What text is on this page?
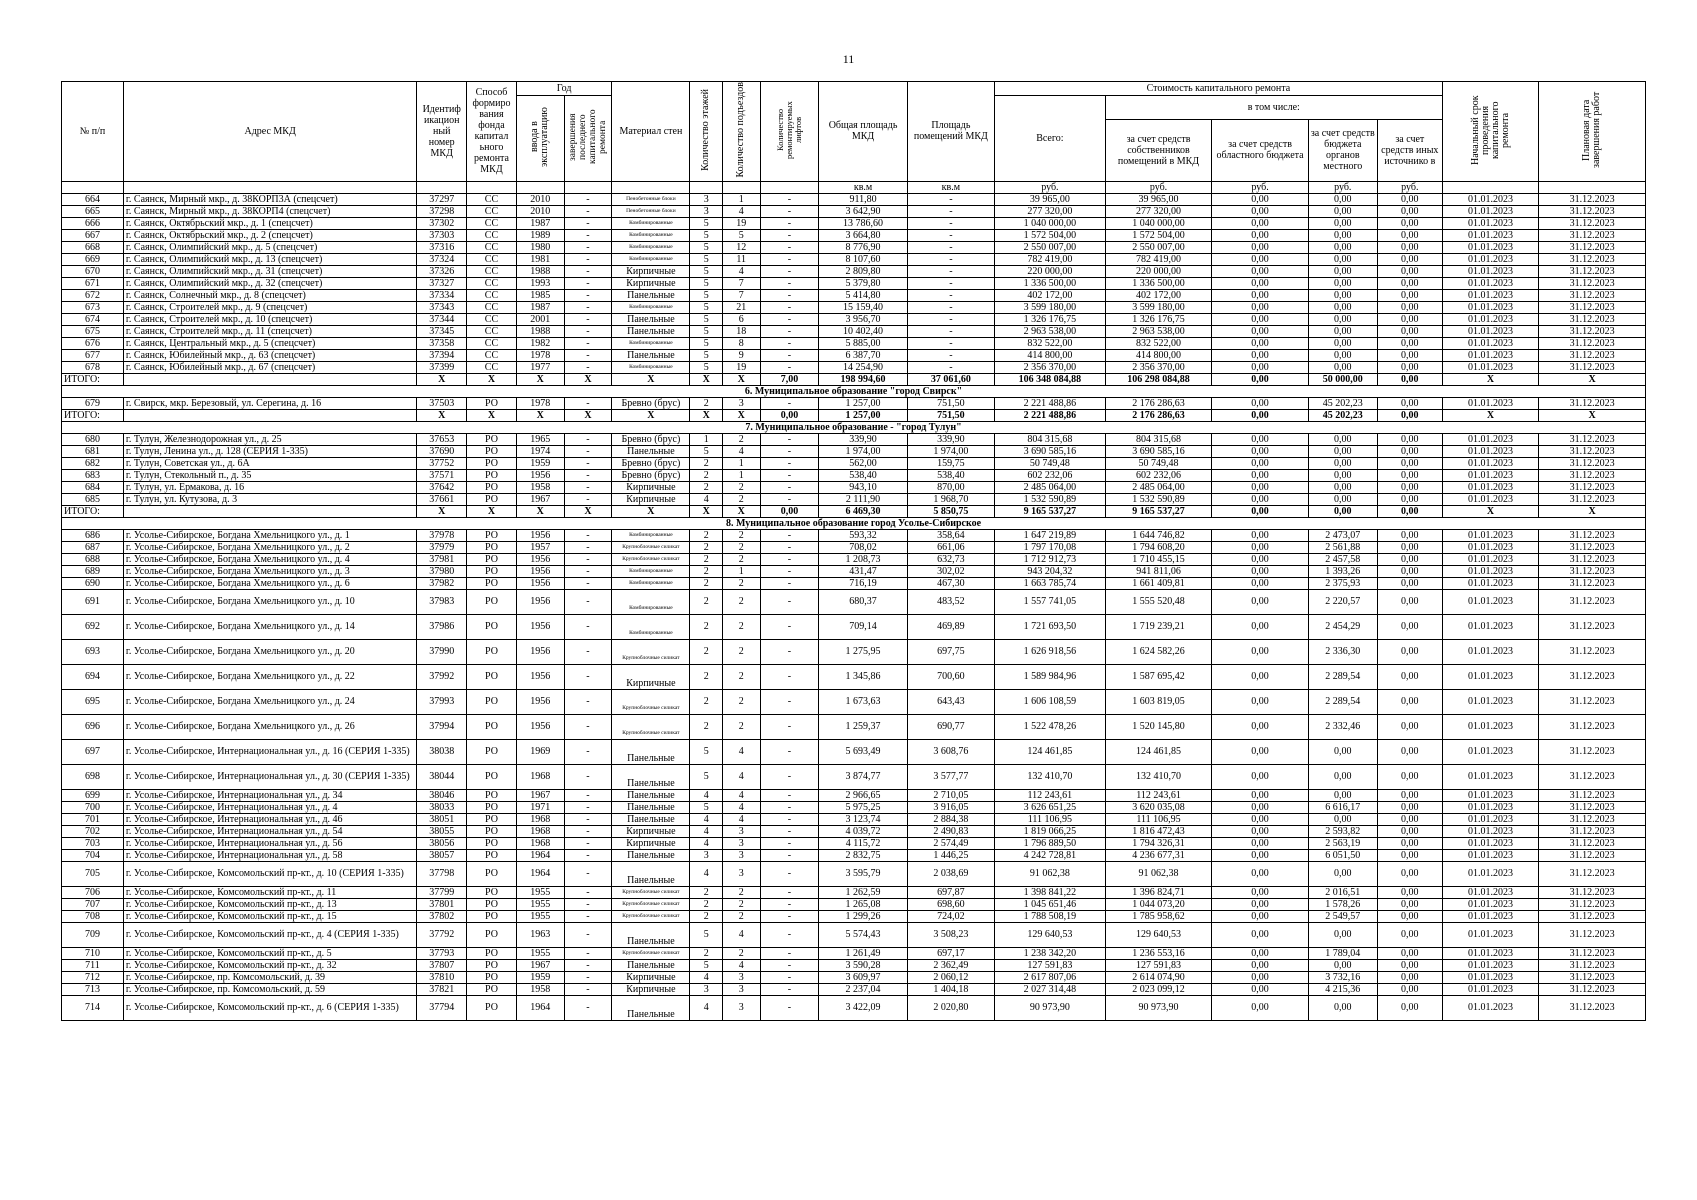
11
№ п/п	Адрес МКД	Идентиф икацион ный номер МКД	Способ формиро вания фонда капитал ьного ремонта МКД	Год		Материал стен	Количество этажей	Количество подъездов	Количество ремонтируемых лифтов	Общая площадь МКД	Площадь помещений МКД	Стоимость капитального ремонта					Начальный срок проведения капитального ремонта	Плановая дата завершения работ
				ввода в эксплуатацию	завершения последнего капитального ремонта							Всего:	в том числе:					
													за счет средств собственников помещений в МКД	за счет средств областного бюджета	за счет средств бюджета органов местного	за счет средств иных источнико в		
										кв.м	кв.м	руб.	руб.	руб.	руб.	руб.		
664	г. Саянск, Мирный мкр., д. 38КОРП3А (спецсчет)	37297	СС	2010	-	Пенобетонные блоки	3	1	-	911,80	-	39 965,00	39 965,00	0,00	0,00	0,00	01.01.2023	31.12.2023
665	г. Саянск, Мирный мкр., д. 38КОРП4 (спецсчет)	37298	СС	2010	-	Пенобетонные блоки	3	4	-	3 642,90	-	277 320,00	277 320,00	0,00	0,00	0,00	01.01.2023	31.12.2023
666	г. Саянск, Октябрьский мкр., д. 1 (спецсчет)	37302	СС	1987	-	Комбинированные	5	19	-	13 786,60	-	1 040 000,00	1 040 000,00	0,00	0,00	0,00	01.01.2023	31.12.2023
667	г. Саянск, Октябрьский мкр., д. 2 (спецсчет)	37303	СС	1989	-	Комбинированные	5	5	-	3 664,80	-	1 572 504,00	1 572 504,00	0,00	0,00	0,00	01.01.2023	31.12.2023
668	г. Саянск, Олимпийский мкр., д. 5 (спецсчет)	37316	СС	1980	-	Комбинированные	5	12	-	8 776,90	-	2 550 007,00	2 550 007,00	0,00	0,00	0,00	01.01.2023	31.12.2023
669	г. Саянск, Олимпийский мкр., д. 13 (спецсчет)	37324	СС	1981	-	Комбинированные	5	11	-	8 107,60	-	782 419,00	782 419,00	0,00	0,00	0,00	01.01.2023	31.12.2023
670	г. Саянск, Олимпийский мкр., д. 31 (спецсчет)	37326	СС	1988	-	Кирпичные	5	4	-	2 809,80	-	220 000,00	220 000,00	0,00	0,00	0,00	01.01.2023	31.12.2023
671	г. Саянск, Олимпийский мкр., д. 32 (спецсчет)	37327	СС	1993	-	Кирпичные	5	7	-	5 379,80	-	1 336 500,00	1 336 500,00	0,00	0,00	0,00	01.01.2023	31.12.2023
672	г. Саянск, Солнечный мкр., д. 8 (спецсчет)	37334	СС	1985	-	Панельные	5	7	-	5 414,80	-	402 172,00	402 172,00	0,00	0,00	0,00	01.01.2023	31.12.2023
673	г. Саянск, Строителей мкр., д. 9 (спецсчет)	37343	СС	1987	-	Комбинированные	5	21	-	15 159,40	-	3 599 180,00	3 599 180,00	0,00	0,00	0,00	01.01.2023	31.12.2023
674	г. Саянск, Строителей мкр., д. 10 (спецсчет)	37344	СС	2001	-	Панельные	5	6	-	3 956,70	-	1 326 176,75	1 326 176,75	0,00	0,00	0,00	01.01.2023	31.12.2023
675	г. Саянск, Строителей мкр., д. 11 (спецсчет)	37345	СС	1988	-	Панельные	5	18	-	10 402,40	-	2 963 538,00	2 963 538,00	0,00	0,00	0,00	01.01.2023	31.12.2023
676	г. Саянск, Центральный мкр., д. 5 (спецсчет)	37358	СС	1982	-	Комбинированные	5	8	-	5 885,00	-	832 522,00	832 522,00	0,00	0,00	0,00	01.01.2023	31.12.2023
677	г. Саянск, Юбилейный мкр., д. 63 (спецсчет)	37394	СС	1978	-	Панельные	5	9	-	6 387,70	-	414 800,00	414 800,00	0,00	0,00	0,00	01.01.2023	31.12.2023
678	г. Саянск, Юбилейный мкр., д. 67 (спецсчет)	37399	СС	1977	-	Комбинированные	5	19	-	14 254,90	-	2 356 370,00	2 356 370,00	0,00	0,00	0,00	01.01.2023	31.12.2023
ИТОГО:		X	X	X	X	X	X	X	7,00	198 994,60	37 061,60	106 348 084,88	106 298 084,88	0,00	50 000,00	0,00	X	X
6. Муниципальное образование "город Свирск"																		
679	г. Свирск, мкр. Березовый, ул. Серегина, д. 16	37503	РО	1978	-	Бревно (брус)	2	3	-	1 257,00	751,50	2 221 488,86	2 176 286,63	0,00	45 202,23	0,00	01.01.2023	31.12.2023
ИТОГО:		X	X	X	X	X	X	X	0,00	1 257,00	751,50	2 221 488,86	2 176 286,63	0,00	45 202,23	0,00	X	X
7. Муниципальное образование - "город Тулун"																		
680	г. Тулун, Железнодорожная ул., д. 25	37653	РО	1965	-	Бревно (брус)	1	2	-	339,90	339,90	804 315,68	804 315,68	0,00	0,00	0,00	01.01.2023	31.12.2023
681	г. Тулун, Ленина ул., д. 128 (СЕРИЯ 1-335)	37690	РО	1974	-	Панельные	5	4	-	1 974,00	1 974,00	3 690 585,16	3 690 585,16	0,00	0,00	0,00	01.01.2023	31.12.2023
682	г. Тулун, Советская ул., д. 6А	37752	РО	1959	-	Бревно (брус)	2	1	-	562,00	159,75	50 749,48	50 749,48	0,00	0,00	0,00	01.01.2023	31.12.2023
683	г. Тулун, Стекольный п., д. 35	37571	РО	1956	-	Бревно (брус)	2	1	-	538,40	538,40	602 232,06	602 232,06	0,00	0,00	0,00	01.01.2023	31.12.2023
684	г. Тулун, ул. Ермакова, д. 16	37642	РО	1958	-	Кирпичные	2	2	-	943,10	870,00	2 485 064,00	2 485 064,00	0,00	0,00	0,00	01.01.2023	31.12.2023
685	г. Тулун, ул. Кутузова, д. 3	37661	РО	1967	-	Кирпичные	4	2	-	2 111,90	1 968,70	1 532 590,89	1 532 590,89	0,00	0,00	0,00	01.01.2023	31.12.2023
ИТОГО:		X	X	X	X	X	X	X	0,00	6 469,30	5 850,75	9 165 537,27	9 165 537,27	0,00	0,00	0,00	X	X
8. Муниципальное образование город Усолье-Сибирское																		
686	г. Усолье-Сибирское, Богдана Хмельницкого ул., д. 1	37978	РО	1956	-	Комбинированные	2	2	-	593,32	358,64	1 647 219,89	1 644 746,82	0,00	2 473,07	0,00	01.01.2023	31.12.2023
687	г. Усолье-Сибирское, Богдана Хмельницкого ул., д. 2	37979	РО	1957	-	Крупноблочные силикат	2	2	-	708,02	661,06	1 797 170,08	1 794 608,20	0,00	2 561,88	0,00	01.01.2023	31.12.2023
688	г. Усолье-Сибирское, Богдана Хмельницкого ул., д. 4	37981	РО	1956	-	Крупноблочные силикат	2	2	-	1 208,73	632,73	1 712 912,73	1 710 455,15	0,00	2 457,58	0,00	01.01.2023	31.12.2023
689	г. Усолье-Сибирское, Богдана Хмельницкого ул., д. 3	37980	РО	1956	-	Комбинированные	2	1	-	431,47	302,02	943 204,32	941 811,06	0,00	1 393,26	0,00	01.01.2023	31.12.2023
690	г. Усолье-Сибирское, Богдана Хмельницкого ул., д. 6	37982	РО	1956	-	Комбинированные	2	2	-	716,19	467,30	1 663 785,74	1 661 409,81	0,00	2 375,93	0,00	01.01.2023	31.12.2023
691	г. Усолье-Сибирское, Богдана Хмельницкого ул., д. 10	37983	РО	1956	-	Комбинированные	2	2	-	680,37	483,52	1 557 741,05	1 555 520,48	0,00	2 220,57	0,00	01.01.2023	31.12.2023
692	г. Усолье-Сибирское, Богдана Хмельницкого ул., д. 14	37986	РО	1956	-	Комбинированные	2	2	-	709,14	469,89	1 721 693,50	1 719 239,21	0,00	2 454,29	0,00	01.01.2023	31.12.2023
693	г. Усолье-Сибирское, Богдана Хмельницкого ул., д. 20	37990	РО	1956	-	Крупноблочные силикат	2	2	-	1 275,95	697,75	1 626 918,56	1 624 582,26	0,00	2 336,30	0,00	01.01.2023	31.12.2023
694	г. Усолье-Сибирское, Богдана Хмельницкого ул., д. 22	37992	РО	1956	-	Кирпичные	2	2	-	1 345,86	700,60	1 589 984,96	1 587 695,42	0,00	2 289,54	0,00	01.01.2023	31.12.2023
695	г. Усолье-Сибирское, Богдана Хмельницкого ул., д. 24	37993	РО	1956	-	Крупноблочные силикат	2	2	-	1 673,63	643,43	1 606 108,59	1 603 819,05	0,00	2 289,54	0,00	01.01.2023	31.12.2023
696	г. Усолье-Сибирское, Богдана Хмельницкого ул., д. 26	37994	РО	1956	-	Крупноблочные силикат	2	2	-	1 259,37	690,77	1 522 478,26	1 520 145,80	0,00	2 332,46	0,00	01.01.2023	31.12.2023
697	г. Усолье-Сибирское, Интернациональная ул., д. 16 (СЕРИЯ 1-335)	38038	РО	1969	-	Панельные	5	4	-	5 693,49	3 608,76	124 461,85	124 461,85	0,00	0,00	0,00	01.01.2023	31.12.2023
698	г. Усолье-Сибирское, Интернациональная ул., д. 30 (СЕРИЯ 1-335)	38044	РО	1968	-	Панельные	5	4	-	3 874,77	3 577,77	132 410,70	132 410,70	0,00	0,00	0,00	01.01.2023	31.12.2023
699	г. Усолье-Сибирское, Интернациональная ул., д. 34	38046	РО	1967	-	Панельные	4	4	-	2 966,65	2 710,05	112 243,61	112 243,61	0,00	0,00	0,00	01.01.2023	31.12.2023
700	г. Усолье-Сибирское, Интернациональная ул., д. 4	38033	РО	1971	-	Панельные	5	4	-	5 975,25	3 916,05	3 626 651,25	3 620 035,08	0,00	6 616,17	0,00	01.01.2023	31.12.2023
701	г. Усолье-Сибирское, Интернациональная ул., д. 46	38051	РО	1968	-	Панельные	4	4	-	3 123,74	2 884,38	111 106,95	111 106,95	0,00	0,00	0,00	01.01.2023	31.12.2023
702	г. Усолье-Сибирское, Интернациональная ул., д. 54	38055	РО	1968	-	Кирпичные	4	3	-	4 039,72	2 490,83	1 819 066,25	1 816 472,43	0,00	2 593,82	0,00	01.01.2023	31.12.2023
703	г. Усолье-Сибирское, Интернациональная ул., д. 56	38056	РО	1968	-	Кирпичные	4	3	-	4 115,72	2 574,49	1 796 889,50	1 794 326,31	0,00	2 563,19	0,00	01.01.2023	31.12.2023
704	г. Усолье-Сибирское, Интернациональная ул., д. 58	38057	РО	1964	-	Панельные	3	3	-	2 832,75	1 446,25	4 242 728,81	4 236 677,31	0,00	6 051,50	0,00	01.01.2023	31.12.2023
705	г. Усолье-Сибирское, Комсомольский пр-кт., д. 10 (СЕРИЯ 1-335)	37798	РО	1964	-	Панельные	4	3	-	3 595,79	2 038,69	91 062,38	91 062,38	0,00	0,00	0,00	01.01.2023	31.12.2023
706	г. Усолье-Сибирское, Комсомольский пр-кт., д. 11	37799	РО	1955	-	Крупноблочные силикат	2	2	-	1 262,59	697,87	1 398 841,22	1 396 824,71	0,00	2 016,51	0,00	01.01.2023	31.12.2023
707	г. Усолье-Сибирское, Комсомольский пр-кт., д. 13	37801	РО	1955	-	Крупноблочные силикат	2	2	-	1 265,08	698,60	1 045 651,46	1 044 073,20	0,00	1 578,26	0,00	01.01.2023	31.12.2023
708	г. Усолье-Сибирское, Комсомольский пр-кт., д. 15	37802	РО	1955	-	Крупноблочные силикат	2	2	-	1 299,26	724,02	1 788 508,19	1 785 958,62	0,00	2 549,57	0,00	01.01.2023	31.12.2023
709	г. Усолье-Сибирское, Комсомольский пр-кт., д. 4 (СЕРИЯ 1-335)	37792	РО	1963	-	Панельные	5	4	-	5 574,43	3 508,23	129 640,53	129 640,53	0,00	0,00	0,00	01.01.2023	31.12.2023
710	г. Усолье-Сибирское, Комсомольский пр-кт., д. 5	37793	РО	1955	-	Крупноблочные силикат	2	2	-	1 261,49	697,17	1 238 342,20	1 236 553,16	0,00	1 789,04	0,00	01.01.2023	31.12.2023
711	г. Усолье-Сибирское, Комсомольский пр-кт., д. 32	37807	РО	1967	-	Панельные	5	4	-	3 590,28	2 362,49	127 591,83	127 591,83	0,00	0,00	0,00	01.01.2023	31.12.2023
712	г. Усолье-Сибирское, пр. Комсомольский, д. 39	37810	РО	1959	-	Кирпичные	4	3	-	3 609,97	2 060,12	2 617 807,06	2 614 074,90	0,00	3 732,16	0,00	01.01.2023	31.12.2023
713	г. Усолье-Сибирское, пр. Комсомольский, д. 59	37821	РО	1958	-	Кирпичные	3	3	-	2 237,04	1 404,18	2 027 314,48	2 023 099,12	0,00	4 215,36	0,00	01.01.2023	31.12.2023
714	г. Усолье-Сибирское, Комсомольский пр-кт., д. 6 (СЕРИЯ 1-335)	37794	РО	1964	-	Панельные	4	3	-	3 422,09	2 020,80	90 973,90	90 973,90	0,00	0,00	0,00	01.01.2023	31.12.2023
